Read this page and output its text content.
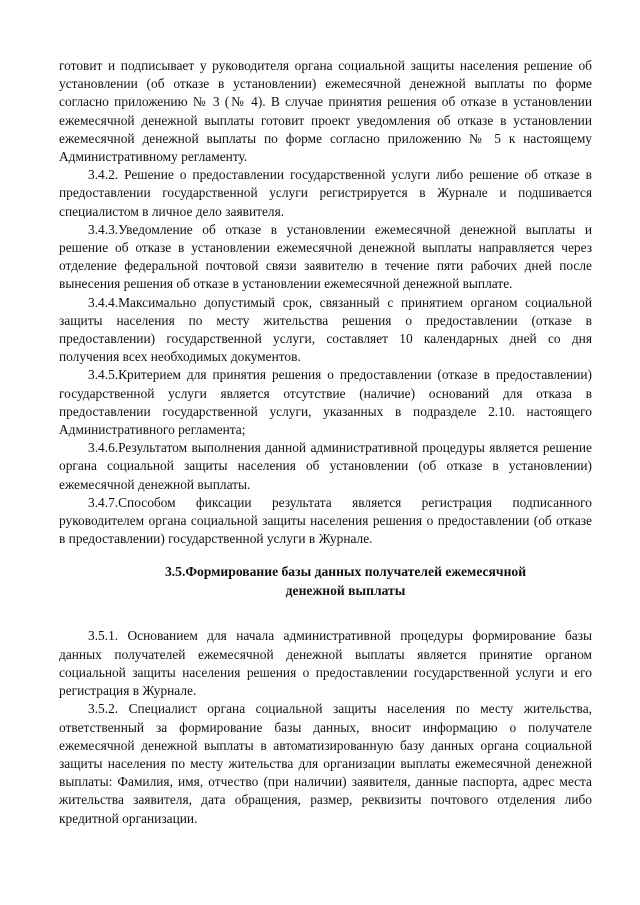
готовит и подписывает у руководителя органа социальной защиты населения решение об установлении (об отказе в установлении) ежемесячной денежной выплаты по форме согласно приложению № 3 (№ 4). В случае принятия решения об отказе в установлении ежемесячной денежной выплаты готовит проект уведомления об отказе в установлении ежемесячной денежной выплаты по форме согласно приложению № 5 к настоящему Административному регламенту.

3.4.2. Решение о предоставлении государственной услуги либо решение об отказе в предоставлении государственной услуги регистрируется в Журнале и подшивается специалистом в личное дело заявителя.

3.4.3.Уведомление об отказе в установлении ежемесячной денежной выплаты и решение об отказе в установлении ежемесячной денежной выплаты направляется через отделение федеральной почтовой связи заявителю в течение пяти рабочих дней после вынесения решения об отказе в установлении ежемесячной денежной выплате.

3.4.4.Максимально допустимый срок, связанный с принятием органом социальной защиты населения по месту жительства решения о предоставлении (отказе в предоставлении) государственной услуги, составляет 10 календарных дней со дня получения всех необходимых документов.

3.4.5.Критерием для принятия решения о предоставлении (отказе в предоставлении) государственной услуги является отсутствие (наличие) оснований для отказа в предоставлении государственной услуги, указанных в подразделе 2.10. настоящего Административного регламента;

3.4.6.Результатом выполнения данной административной процедуры является решение органа социальной защиты населения об установлении (об отказе в установлении) ежемесячной денежной выплаты.

3.4.7.Способом фиксации результата является регистрация подписанного руководителем органа социальной защиты населения решения о предоставлении (об отказе в предоставлении) государственной услуги в Журнале.

3.5.Формирование базы данных получателей ежемесячной
денежной выплаты

3.5.1. Основанием для начала административной процедуры формирование базы данных получателей ежемесячной денежной выплаты является принятие органом социальной защиты населения решения о предоставлении государственной услуги и его регистрация в Журнале.

3.5.2. Специалист органа социальной защиты населения по месту жительства, ответственный за формирование базы данных, вносит информацию о получателе ежемесячной денежной выплаты в автоматизированную базу данных органа социальной защиты населения по месту жительства для организации выплаты ежемесячной денежной выплаты: Фамилия, имя, отчество (при наличии) заявителя, данные паспорта, адрес места жительства заявителя, дата обращения, размер, реквизиты почтового отделения либо кредитной организации.
